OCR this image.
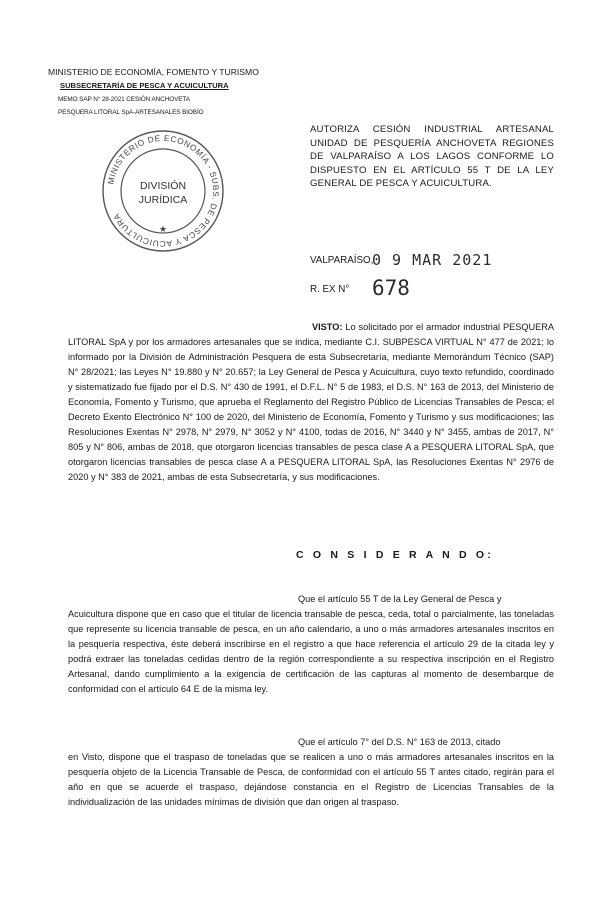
MINISTERIO DE ECONOMÍA, FOMENTO Y TURISMO
SUBSECRETARÍA DE PESCA Y ACUICULTURA
MEMO SAP N° 28-2021 CESIÓN ANCHOVETA
PESQUERA LITORAL SpA-ARTESANALES BIOBÍO
MINISTERIO DE ECONOMÍA - SUBS. DE PESCA Y ACUICULTURA
DIVISIÓN
JURÍDICA
★
AUTORIZA CESIÓN INDUSTRIAL ARTESANAL UNIDAD DE PESQUERÍA ANCHOVETA REGIONES DE VALPARAÍSO A LOS LAGOS CONFORME LO DISPUESTO EN EL ARTÍCULO 55 T DE LA LEY GENERAL DE PESCA Y ACUICULTURA.
VALPARAÍSO,
0 9 MAR 2021
R. EX N° 678
VISTO: Lo solicitado por el armador industrial PESQUERA LITORAL SpA y por los armadores artesanales que se indica, mediante C.I. SUBPESCA VIRTUAL N° 477 de 2021; lo informado por la División de Administración Pesquera de esta Subsecretaría, mediante Memorándum Técnico (SAP) N° 28/2021; las Leyes N° 19.880 y N° 20.657; la Ley General de Pesca y Acuicultura, cuyo texto refundido, coordinado y sistematizado fue fijado por el D.S. N° 430 de 1991, el D.F.L. N° 5 de 1983, el D.S. N° 163 de 2013, del Ministerio de Economía, Fomento y Turismo, que aprueba el Reglamento del Registro Público de Licencias Transables de Pesca; el Decreto Exento Electrónico N° 100 de 2020, del Ministerio de Economía, Fomento y Turismo y sus modificaciones; las Resoluciones Exentas N° 2978, N° 2979, N° 3052 y N° 4100, todas de 2016, N° 3440 y N° 3455, ambas de 2017, N° 805 y N° 806, ambas de 2018, que otorgaron licencias transables de pesca clase A a PESQUERA LITORAL SpA, que otorgaron licencias transables de pesca clase A a PESQUERA LITORAL SpA, las Resoluciones Exentas N° 2976 de 2020 y N° 383 de 2021, ambas de esta Subsecretaría, y sus modificaciones.
C O N S I D E R A N D O:
Que el artículo 55 T de la Ley General de Pesca y
Acuicultura dispone que en caso que el titular de licencia transable de pesca, ceda, total o parcialmente, las toneladas que represente su licencia transable de pesca, en un año calendario, a uno o más armadores artesanales inscritos en la pesquería respectiva, éste deberá inscribirse en el registro a que hace referencia el artículo 29 de la citada ley y podrá extraer las toneladas cedidas dentro de la región correspondiente a su respectiva inscripción en el Registro Artesanal, dando cumplimiento a la exigencia de certificación de las capturas al momento de desembarque de conformidad con el artículo 64 E de la misma ley.
Que el artículo 7° del D.S. N° 163 de 2013, citado
en Visto, dispone que el traspaso de toneladas que se realicen a uno o más armadores artesanales inscritos en la pesquería objeto de la Licencia Transable de Pesca, de conformidad con el artículo 55 T antes citado, regirán para el año en que se acuerde el traspaso, dejándose constancia en el Registro de Licencias Transables de la individualización de las unidades mínimas de división que dan origen al traspaso.
